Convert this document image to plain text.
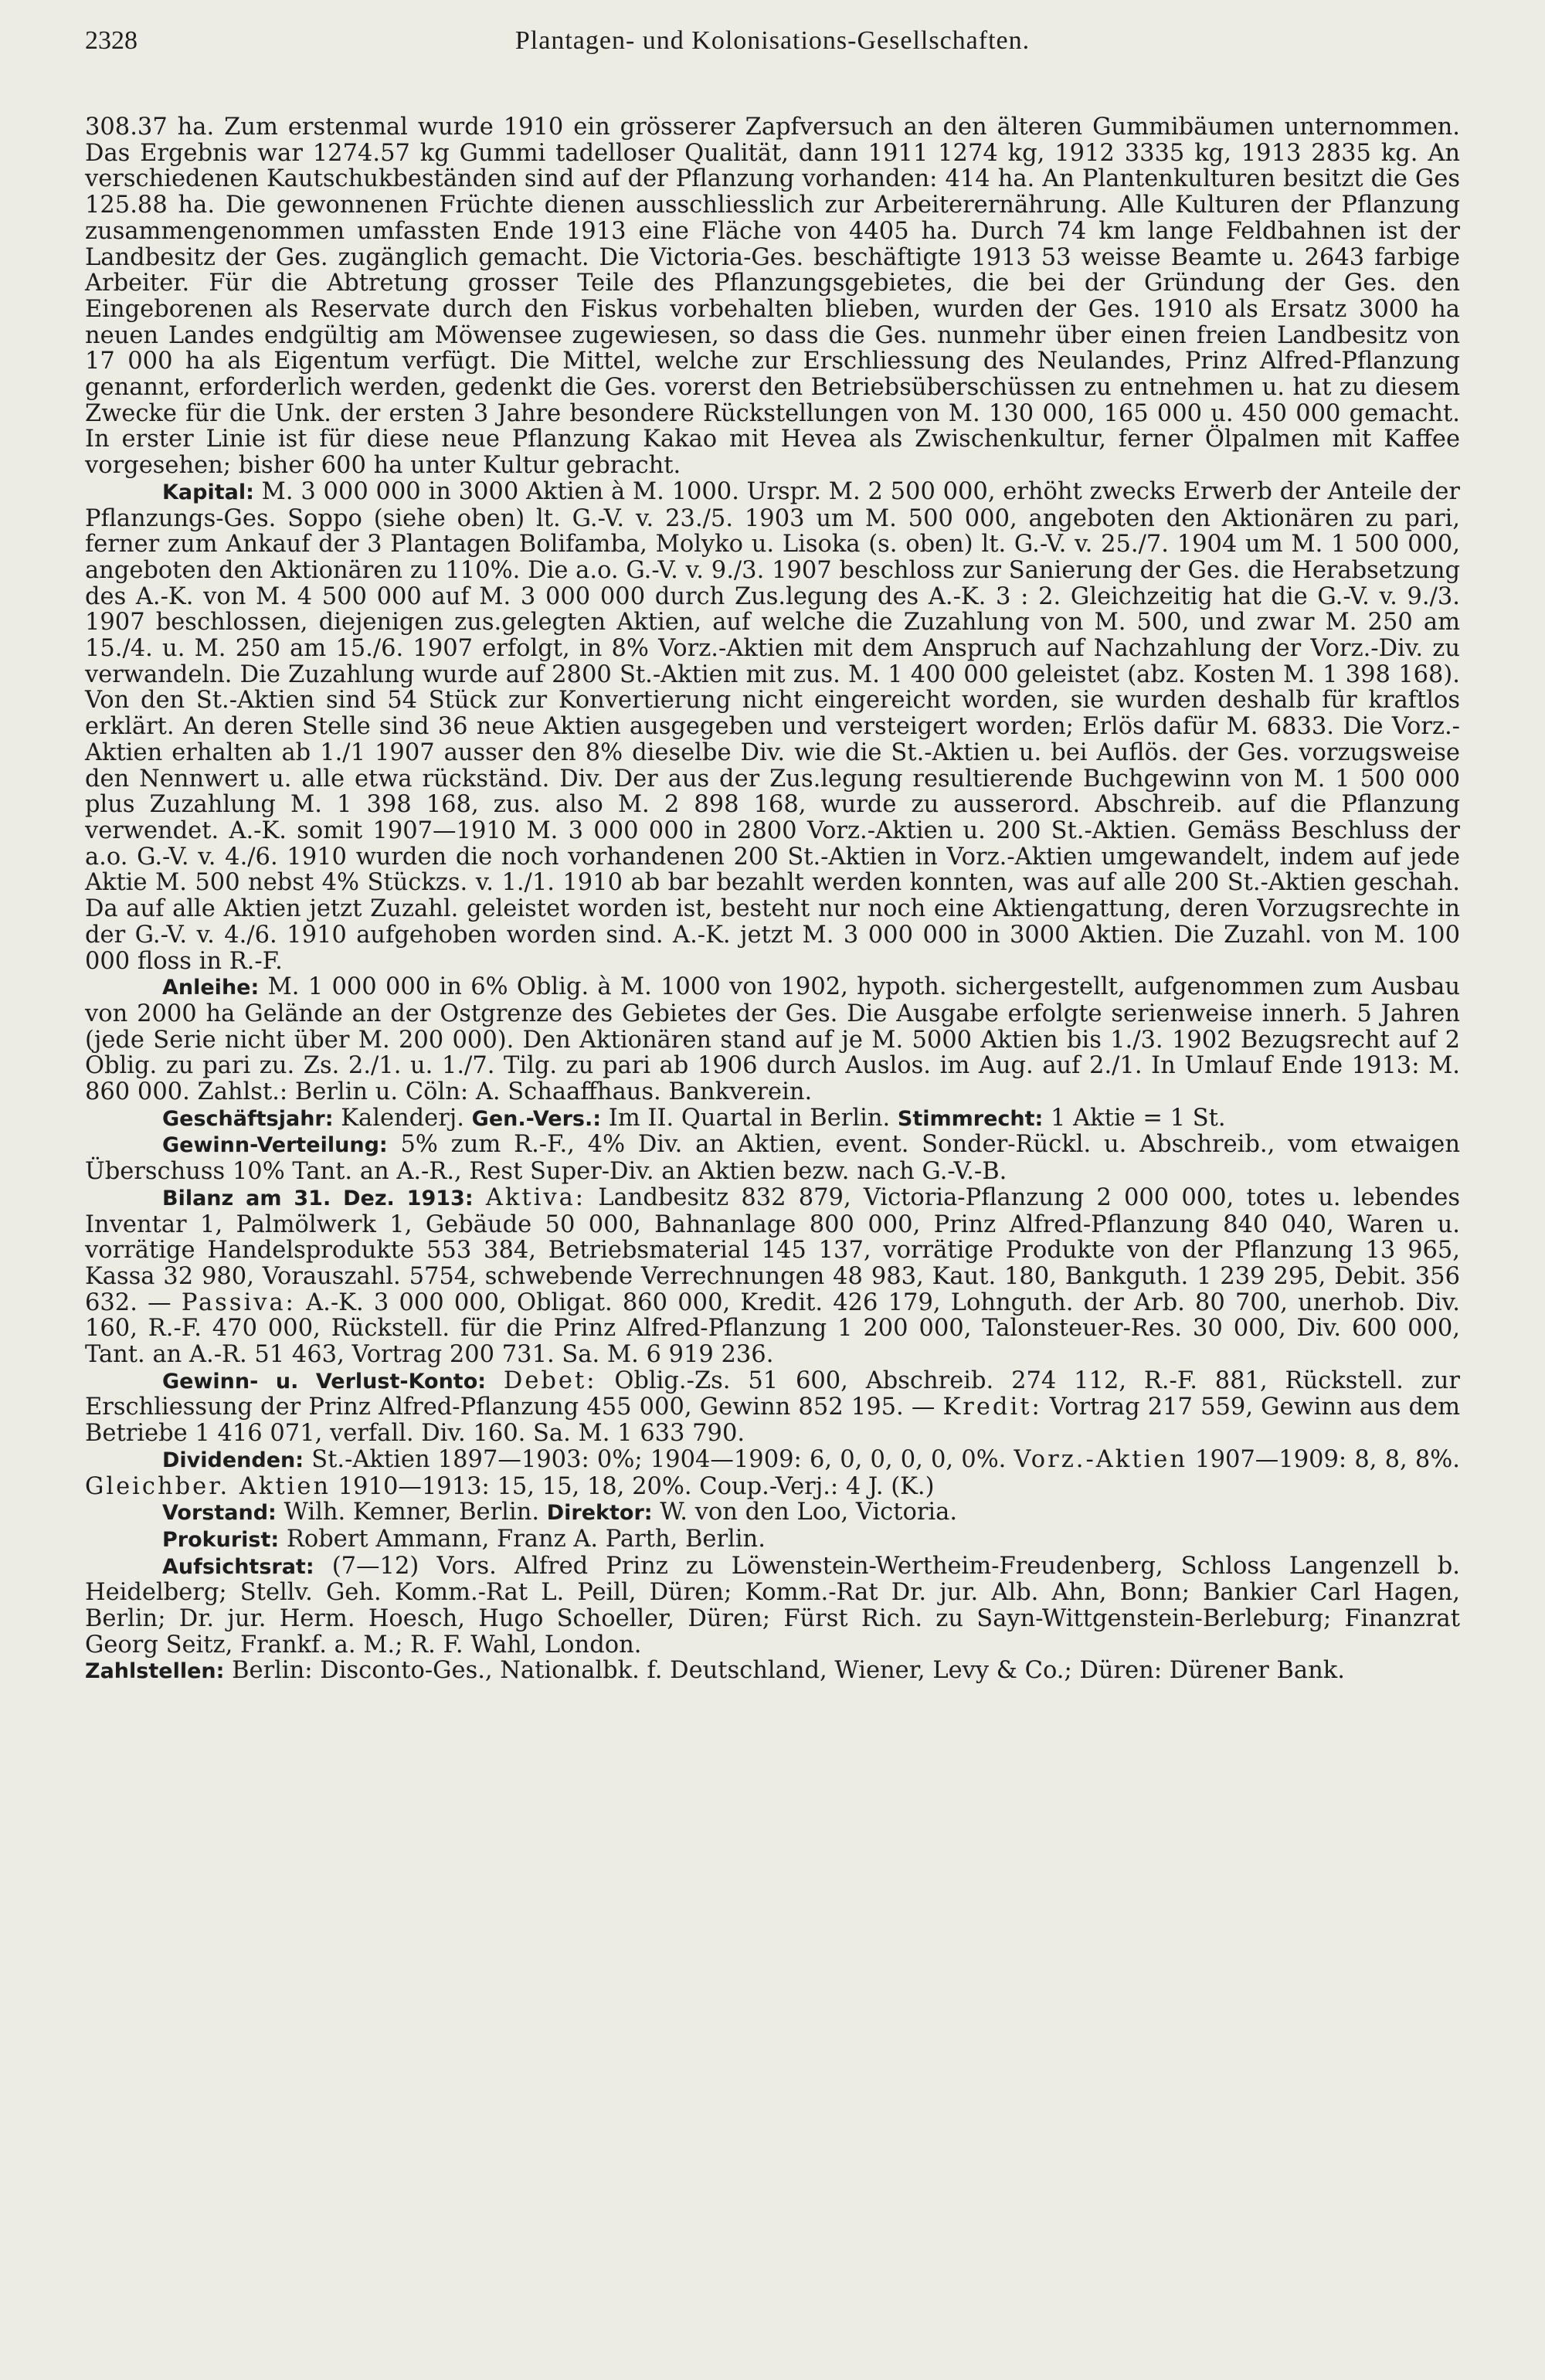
2328	Plantagen- und Kolonisations-Gesellschaften.

308.37 ha. Zum erstenmal wurde 1910 ein grösserer Zapfversuch an den älteren Gummibäumen unternommen. Das Ergebnis war 1274.57 kg Gummi tadelloser Qualität, dann 1911 1274 kg, 1912 3335 kg, 1913 2835 kg. An verschiedenen Kautschukbeständen sind auf der Pflanzung vorhanden: 414 ha. An Plantenkulturen besitzt die Ges 125.88 ha. Die gewonnenen Früchte dienen ausschliesslich zur Arbeiterernährung. Alle Kulturen der Pflanzung zusammengenommen umfassten Ende 1913 eine Fläche von 4405 ha. Durch 74 km lange Feldbahnen ist der Landbesitz der Ges. zugänglich gemacht. Die Victoria-Ges. beschäftigte 1913 53 weisse Beamte u. 2643 farbige Arbeiter. Für die Abtretung grosser Teile des Pflanzungsgebietes, die bei der Gründung der Ges. den Eingeborenen als Reservate durch den Fiskus vorbehalten blieben, wurden der Ges. 1910 als Ersatz 3000 ha neuen Landes endgültig am Möwensee zugewiesen, so dass die Ges. nunmehr über einen freien Landbesitz von 17 000 ha als Eigentum verfügt. Die Mittel, welche zur Erschliessung des Neulandes, Prinz Alfred-Pflanzung genannt, erforderlich werden, gedenkt die Ges. vorerst den Betriebsüberschüssen zu entnehmen u. hat zu diesem Zwecke für die Unk. der ersten 3 Jahre besondere Rückstellungen von M. 130 000, 165 000 u. 450 000 gemacht. In erster Linie ist für diese neue Pflanzung Kakao mit Hevea als Zwischenkultur, ferner Ölpalmen mit Kaffee vorgesehen; bisher 600 ha unter Kultur gebracht.

Kapital: M. 3 000 000 in 3000 Aktien à M. 1000. Urspr. M. 2 500 000, erhöht zwecks Erwerb der Anteile der Pflanzungs-Ges. Soppo (siehe oben) lt. G.-V. v. 23./5. 1903 um M. 500 000, angeboten den Aktionären zu pari, ferner zum Ankauf der 3 Plantagen Bolifamba, Molyko u. Lisoka (s. oben) lt. G.-V. v. 25./7. 1904 um M. 1 500 000, angeboten den Aktionären zu 110%. Die a.o. G.-V. v. 9./3. 1907 beschloss zur Sanierung der Ges. die Herabsetzung des A.-K. von M. 4 500 000 auf M. 3 000 000 durch Zus.legung des A.-K. 3 : 2. Gleichzeitig hat die G.-V. v. 9./3. 1907 beschlossen, diejenigen zus.gelegten Aktien, auf welche die Zuzahlung von M. 500, und zwar M. 250 am 15./4. u. M. 250 am 15./6. 1907 erfolgt, in 8% Vorz.-Aktien mit dem Anspruch auf Nachzahlung der Vorz.-Div. zu verwandeln. Die Zuzahlung wurde auf 2800 St.-Aktien mit zus. M. 1 400 000 geleistet (abz. Kosten M. 1 398 168). Von den St.-Aktien sind 54 Stück zur Konvertierung nicht eingereicht worden, sie wurden deshalb für kraftlos erklärt. An deren Stelle sind 36 neue Aktien ausgegeben und versteigert worden; Erlös dafür M. 6833. Die Vorz.-Aktien erhalten ab 1./1 1907 ausser den 8% dieselbe Div. wie die St.-Aktien u. bei Auflös. der Ges. vorzugsweise den Nennwert u. alle etwa rückständ. Div. Der aus der Zus.legung resultierende Buchgewinn von M. 1 500 000 plus Zuzahlung M. 1 398 168, zus. also M. 2 898 168, wurde zu ausserord. Abschreib. auf die Pflanzung verwendet. A.-K. somit 1907—1910 M. 3 000 000 in 2800 Vorz.-Aktien u. 200 St.-Aktien. Gemäss Beschluss der a.o. G.-V. v. 4./6. 1910 wurden die noch vorhandenen 200 St.-Aktien in Vorz.-Aktien umgewandelt, indem auf jede Aktie M. 500 nebst 4% Stückzs. v. 1./1. 1910 ab bar bezahlt werden konnten, was auf alle 200 St.-Aktien geschah. Da auf alle Aktien jetzt Zuzahl. geleistet worden ist, besteht nur noch eine Aktiengattung, deren Vorzugsrechte in der G.-V. v. 4./6. 1910 aufgehoben worden sind. A.-K. jetzt M. 3 000 000 in 3000 Aktien. Die Zuzahl. von M. 100 000 floss in R.-F.

Anleihe: M. 1 000 000 in 6% Oblig. à M. 1000 von 1902, hypoth. sichergestellt, aufgenommen zum Ausbau von 2000 ha Gelände an der Ostgrenze des Gebietes der Ges. Die Ausgabe erfolgte serienweise innerh. 5 Jahren (jede Serie nicht über M. 200 000). Den Aktionären stand auf je M. 5000 Aktien bis 1./3. 1902 Bezugsrecht auf 2 Oblig. zu pari zu. Zs. 2./1. u. 1./7. Tilg. zu pari ab 1906 durch Auslos. im Aug. auf 2./1. In Umlauf Ende 1913: M. 860 000. Zahlst.: Berlin u. Cöln: A. Schaaffhaus. Bankverein.

Geschäftsjahr: Kalenderj. Gen.-Vers.: Im II. Quartal in Berlin. Stimmrecht: 1 Aktie = 1 St.

Gewinn-Verteilung: 5% zum R.-F., 4% Div. an Aktien, event. Sonder-Rückl. u. Abschreib., vom etwaigen Überschuss 10% Tant. an A.-R., Rest Super-Div. an Aktien bezw. nach G.-V.-B.

Bilanz am 31. Dez. 1913: Aktiva: Landbesitz 832 879, Victoria-Pflanzung 2 000 000, totes u. lebendes Inventar 1, Palmölwerk 1, Gebäude 50 000, Bahnanlage 800 000, Prinz Alfred-Pflanzung 840 040, Waren u. vorrätige Handelsprodukte 553 384, Betriebsmaterial 145 137, vorrätige Produkte von der Pflanzung 13 965, Kassa 32 980, Vorauszahl. 5754, schwebende Verrechnungen 48 983, Kaut. 180, Bankguth. 1 239 295, Debit. 356 632. — Passiva: A.-K. 3 000 000, Obligat. 860 000, Kredit. 426 179, Lohnguth. der Arb. 80 700, unerhob. Div. 160, R.-F. 470 000, Rückstell. für die Prinz Alfred-Pflanzung 1 200 000, Talonsteuer-Res. 30 000, Div. 600 000, Tant. an A.-R. 51 463, Vortrag 200 731. Sa. M. 6 919 236.

Gewinn- u. Verlust-Konto: Debet: Oblig.-Zs. 51 600, Abschreib. 274 112, R.-F. 881, Rückstell. zur Erschliessung der Prinz Alfred-Pflanzung 455 000, Gewinn 852 195. — Kredit: Vortrag 217 559, Gewinn aus dem Betriebe 1 416 071, verfall. Div. 160. Sa. M. 1 633 790.

Dividenden: St.-Aktien 1897—1903: 0%; 1904—1909: 6, 0, 0, 0, 0, 0%. Vorz.-Aktien 1907—1909: 8, 8, 8%. Gleichber. Aktien 1910—1913: 15, 15, 18, 20%. Coup.-Verj.: 4 J. (K.)

Vorstand: Wilh. Kemner, Berlin. Direktor: W. von den Loo, Victoria.

Prokurist: Robert Ammann, Franz A. Parth, Berlin.

Aufsichtsrat: (7—12) Vors. Alfred Prinz zu Löwenstein-Wertheim-Freudenberg, Schloss Langenzell b. Heidelberg; Stellv. Geh. Komm.-Rat L. Peill, Düren; Komm.-Rat Dr. jur. Alb. Ahn, Bonn; Bankier Carl Hagen, Berlin; Dr. jur. Herm. Hoesch, Hugo Schoeller, Düren; Fürst Rich. zu Sayn-Wittgenstein-Berleburg; Finanzrat Georg Seitz, Frankf. a. M.; R. F. Wahl, London.

Zahlstellen: Berlin: Disconto-Ges., Nationalbk. f. Deutschland, Wiener, Levy & Co.; Düren: Dürener Bank.
